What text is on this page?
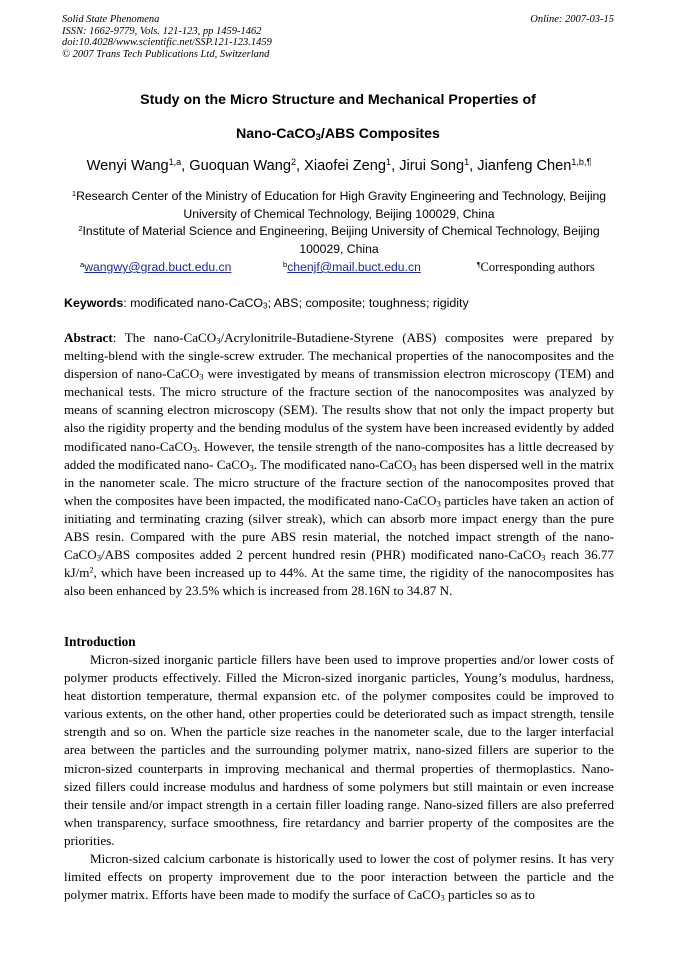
Solid State Phenomena
ISSN: 1662-9779, Vols. 121-123, pp 1459-1462
doi:10.4028/www.scientific.net/SSP.121-123.1459
© 2007 Trans Tech Publications Ltd, Switzerland
Online: 2007-03-15
Study on the Micro Structure and Mechanical Properties of
Nano-CaCO$_3$/ABS Composites
Wenyi Wang$^{1,a}$, Guoquan Wang$^2$, Xiaofei Zeng$^1$, Jirui Song$^1$, Jianfeng Chen$^{1,b,\P}$
$^1$Research Center of the Ministry of Education for High Gravity Engineering and Technology, Beijing
University of Chemical Technology, Beijing 100029, China
$^2$Institute of Material Science and Engineering, Beijing University of Chemical Technology, Beijing
100029, China
$^a$wangwy@grad.buct.edu.cn	$^b$chenjf@mail.buct.edu.cn	¶Corresponding authors
Keywords: modificated nano-CaCO$_3$; ABS; composite; toughness; rigidity

Abstract: The nano-CaCO$_3$/Acrylonitrile-Butadiene-Styrene (ABS) composites were prepared by melting-blend with the single-screw extruder. The mechanical properties of the nanocomposites and the dispersion of nano-CaCO$_3$ were investigated by means of transmission electron microscopy (TEM) and mechanical tests. The micro structure of the fracture section of the nanocomposites was analyzed by means of scanning electron microscopy (SEM). The results show that not only the impact property but also the rigidity property and the bending modulus of the system have been increased evidently by added modificated nano-CaCO$_3$. However, the tensile strength of the nano-composites has a little decreased by added the modificated nano- CaCO$_3$. The modificated nano-CaCO$_3$ has been dispersed well in the matrix in the nanometer scale. The micro structure of the fracture section of the nanocomposites proved that when the composites have been impacted, the modificated nano-CaCO$_3$ particles have taken an action of initiating and terminating crazing (silver streak), which can absorb more impact energy than the pure ABS resin. Compared with the pure ABS resin material, the notched impact strength of the nano-CaCO$_3$/ABS composites added 2 percent hundred resin (PHR) modificated nano-CaCO$_3$ reach 36.77 $kJ/m^2$, which have been increased up to 44%. At the same time, the rigidity of the nanocomposites has also been enhanced by 23.5% which is increased from 28.16N to 34.87 N.

Introduction

Micron-sized inorganic particle fillers have been used to improve properties and/or lower costs of polymer products effectively. Filled the Micron-sized inorganic particles, Young’s modulus, hardness, heat distortion temperature, thermal expansion etc. of the polymer composites could be improved to various extents, on the other hand, other properties could be deteriorated such as impact strength, tensile strength and so on. When the particle size reaches in the nanometer scale, due to the larger interfacial area between the particles and the surrounding polymer matrix, nano-sized fillers are superior to the micron-sized counterparts in improving mechanical and thermal properties of thermoplastics. Nano-sized fillers could increase modulus and hardness of some polymers but still maintain or even increase their tensile and/or impact strength in a certain filler loading range. Nano-sized fillers are also preferred when transparency, surface smoothness, fire retardancy and barrier property of the composites are the priorities.

Micron-sized calcium carbonate is historically used to lower the cost of polymer resins. It has very limited effects on property improvement due to the poor interaction between the particle and the polymer matrix. Efforts have been made to modify the surface of CaCO$_3$ particles so as to
